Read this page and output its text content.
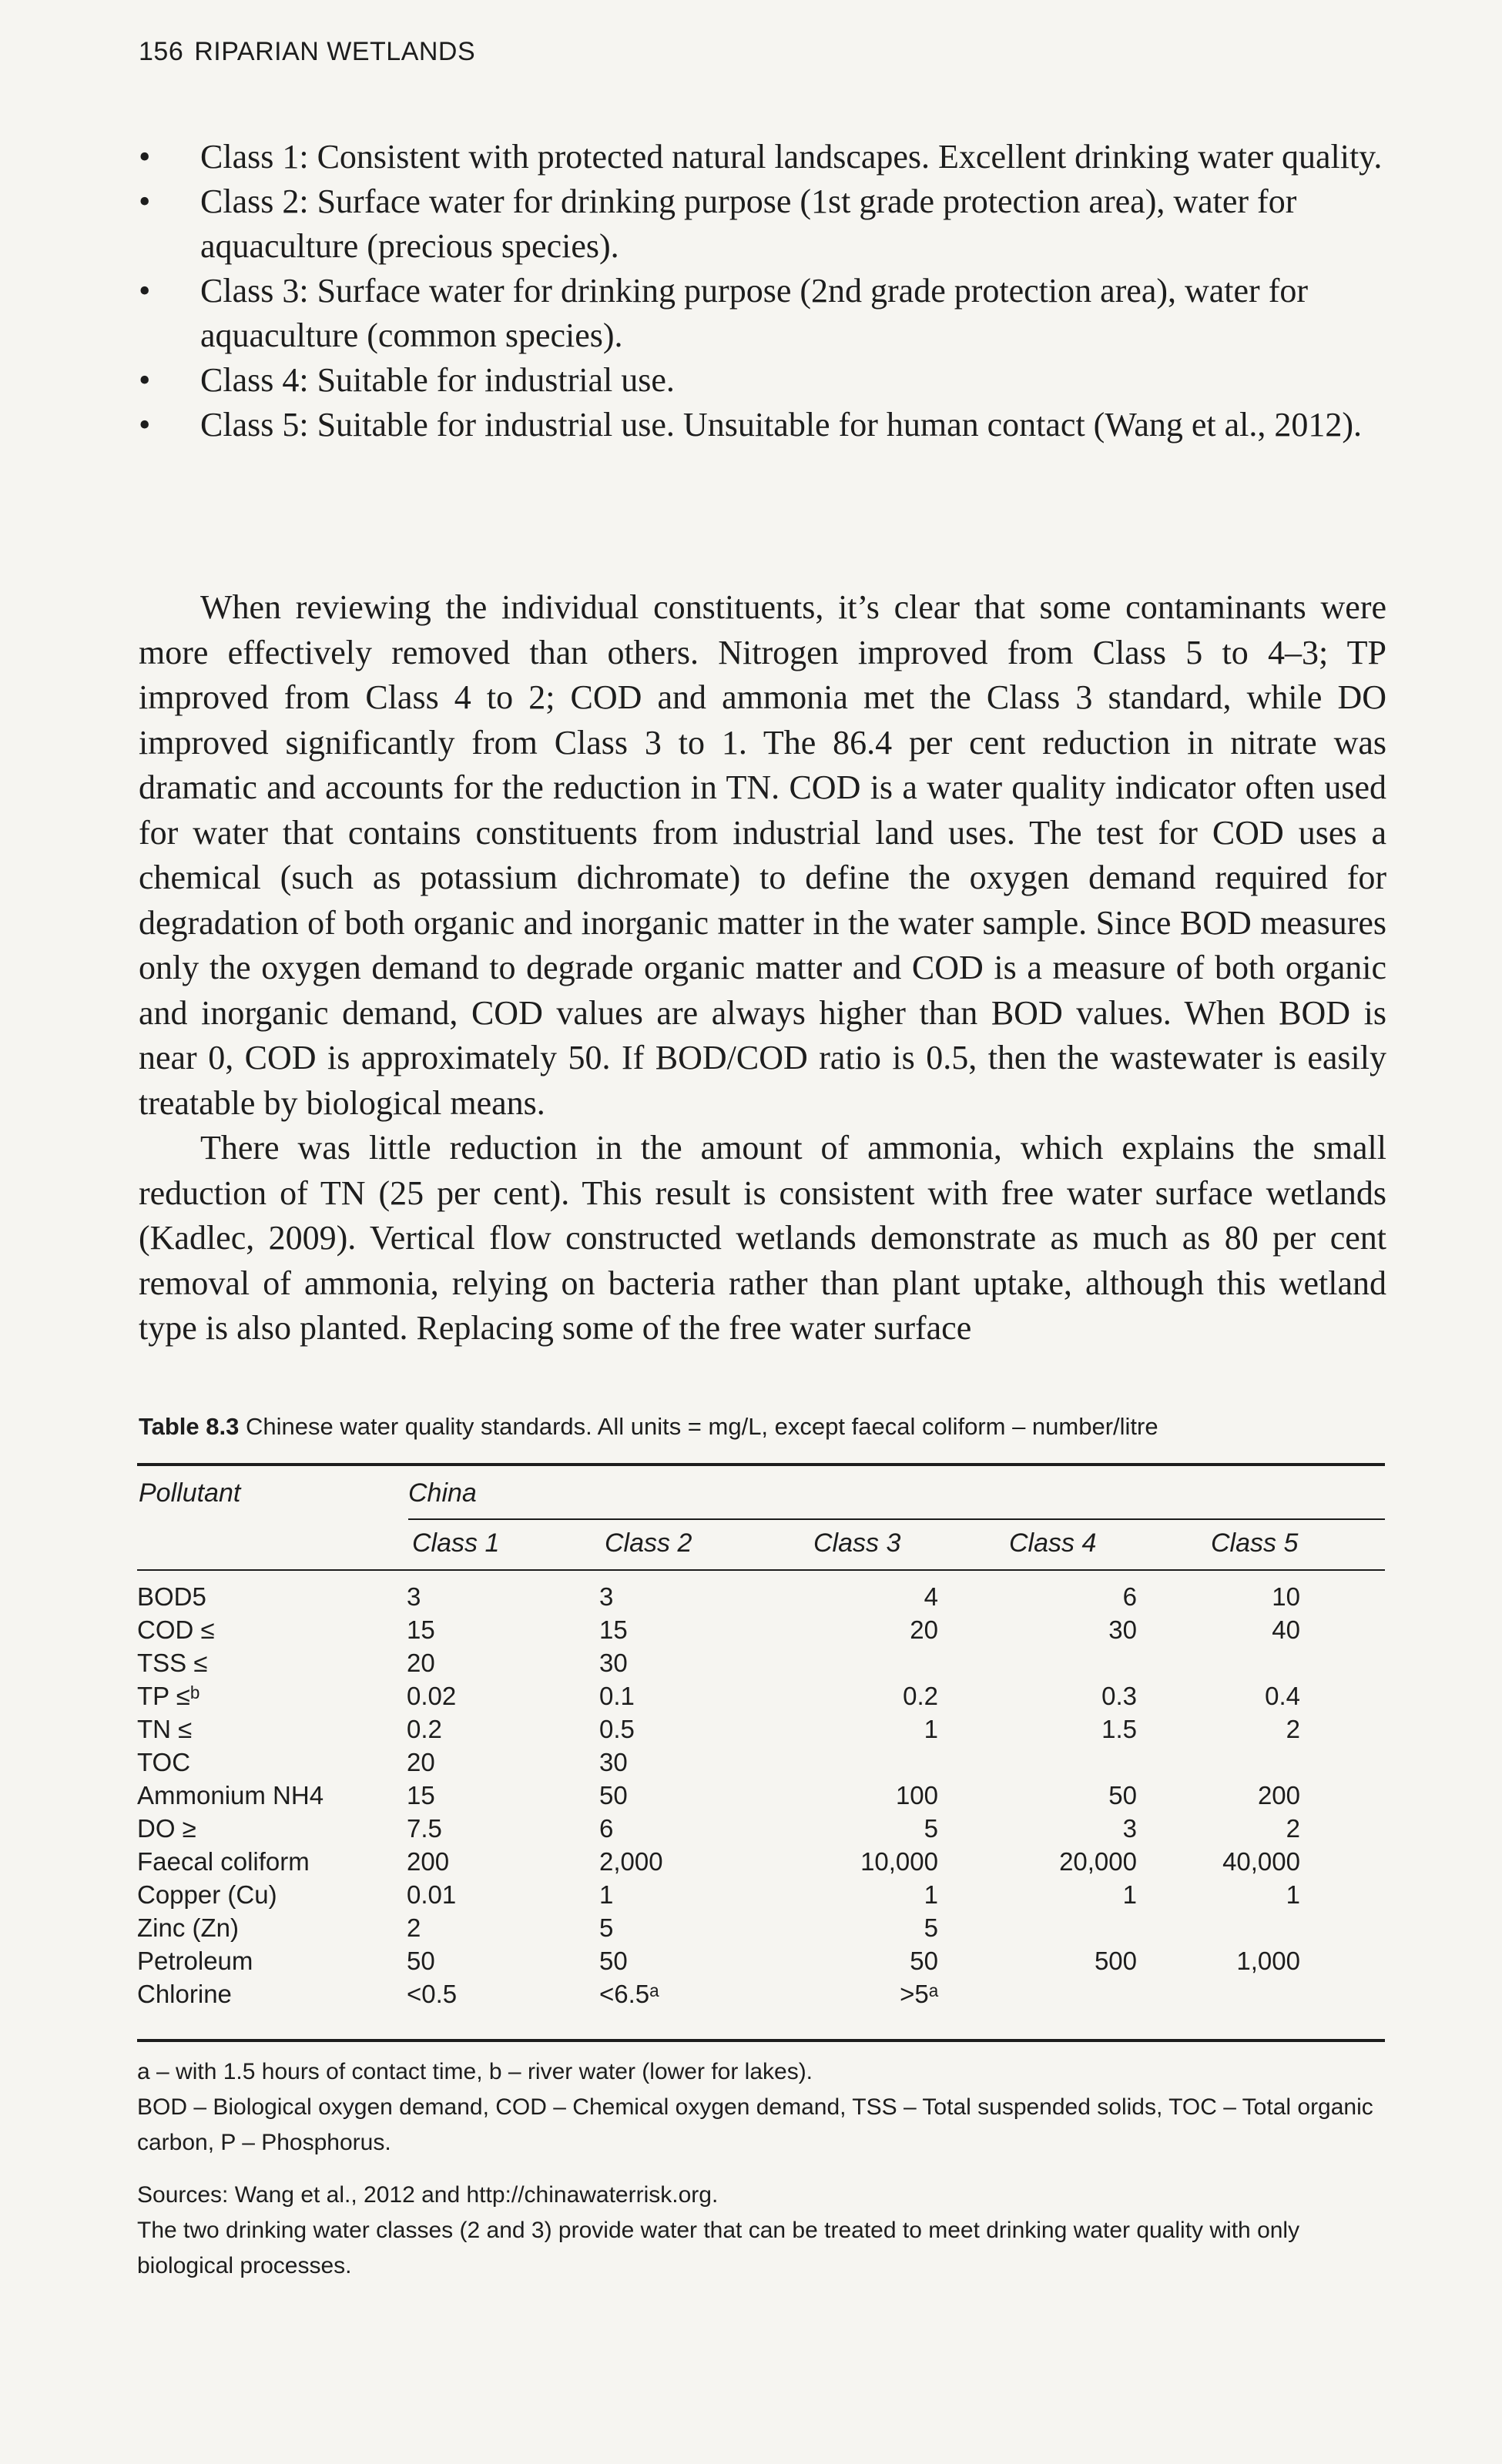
156 RIPARIAN WETLANDS
•	Class 1: Consistent with protected natural landscapes. Excellent drinking water quality.
•	Class 2: Surface water for drinking purpose (1st grade protection area), water for aquaculture (precious species).
•	Class 3: Surface water for drinking purpose (2nd grade protection area), water for aquaculture (common species).
•	Class 4: Suitable for industrial use.
•	Class 5: Suitable for industrial use. Unsuitable for human contact (Wang et al., 2012).

When reviewing the individual constituents, it’s clear that some contaminants were more effectively removed than others. Nitrogen improved from Class 5 to 4–3; TP improved from Class 4 to 2; COD and ammonia met the Class 3 standard, while DO improved significantly from Class 3 to 1. The 86.4 per cent reduction in nitrate was dramatic and accounts for the reduction in TN. COD is a water quality indicator often used for water that contains constituents from industrial land uses. The test for COD uses a chemical (such as potassium dichromate) to define the oxygen demand required for degradation of both organic and inorganic matter in the water sample. Since BOD measures only the oxygen demand to degrade organic matter and COD is a measure of both organic and inorganic demand, COD values are always higher than BOD values. When BOD is near 0, COD is approximately 50. If BOD/COD ratio is 0.5, then the wastewater is easily treatable by biological means.

There was little reduction in the amount of ammonia, which explains the small reduction of TN (25 per cent). This result is consistent with free water surface wetlands (Kadlec, 2009). Vertical flow constructed wetlands demonstrate as much as 80 per cent removal of ammonia, relying on bacteria rather than plant uptake, although this wetland type is also planted. Replacing some of the free water surface

Table 8.3 Chinese water quality standards. All units = mg/L, except faecal coliform – number/litre
Pollutant	China
Class 1	Class 2	Class 3	Class 4	Class 5
BOD5	3	3	4	6	10
COD ≤	15	15	20	30	40
TSS ≤	20	30			
TP ≤ᵇ	0.02	0.1	0.2	0.3	0.4
TN ≤	0.2	0.5	1	1.5	2
TOC	20	30			
Ammonium NH4	15	50	100	50	200
DO ≥	7.5	6	5	3	2
Faecal coliform	200	2,000	10,000	20,000	40,000
Copper (Cu)	0.01	1	1	1	1
Zinc (Zn)	2	5	5		
Petroleum	50	50	50	500	1,000
Chlorine	<0.5	<6.5ᵃ	>5ᵃ		

a – with 1.5 hours of contact time, b – river water (lower for lakes).

BOD – Biological oxygen demand, COD – Chemical oxygen demand, TSS – Total suspended solids, TOC – Total organic carbon, P – Phosphorus.

Sources: Wang et al., 2012 and http://chinawaterrisk.org.

The two drinking water classes (2 and 3) provide water that can be treated to meet drinking water quality with only biological processes.
